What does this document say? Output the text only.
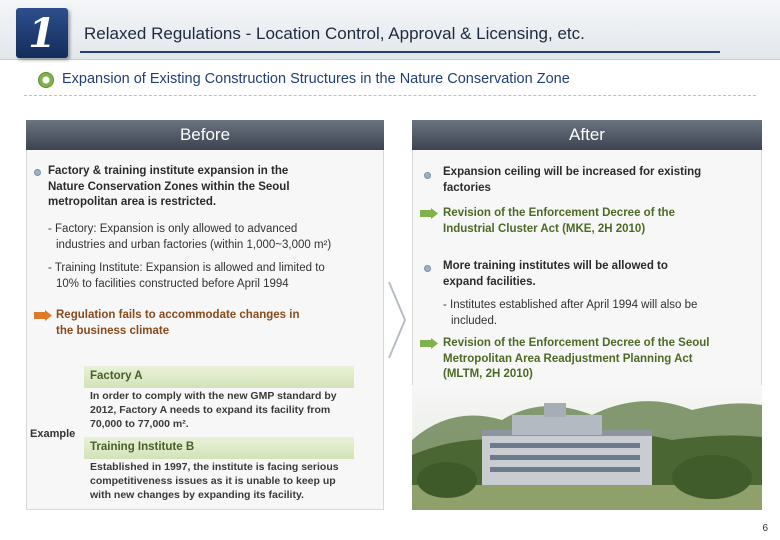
1	Relaxed Regulations - Location Control, Approval & Licensing, etc.
Expansion of Existing Construction Structures in the Nature Conservation Zone
Before
Factory & training institute expansion in the
Nature Conservation Zones within the Seoul
metropolitan area is restricted.
- Factory: Expansion is only allowed to advanced
industries and urban factories (within 1,000~3,000 m²)
- Training Institute: Expansion is allowed and limited to
10% to facilities constructed before April 1994
Regulation fails to accommodate changes in
the business climate
Example
Factory A
In order to comply with the new GMP standard by
2012, Factory A needs to expand its facility from
70,000 to 77,000 m².
Training Institute B
Established in 1997, the institute is facing serious
competitiveness issues as it is unable to keep up
with new changes by expanding its facility.
After
Expansion ceiling will be increased for existing
factories
Revision of the Enforcement Decree of the
Industrial Cluster Act (MKE, 2H 2010)
More training institutes will be allowed to
expand facilities.
- Institutes established after April 1994 will also be
included.
Revision of the Enforcement Decree of the Seoul
Metropolitan Area Readjustment Planning Act
(MLTM, 2H 2010)
6
